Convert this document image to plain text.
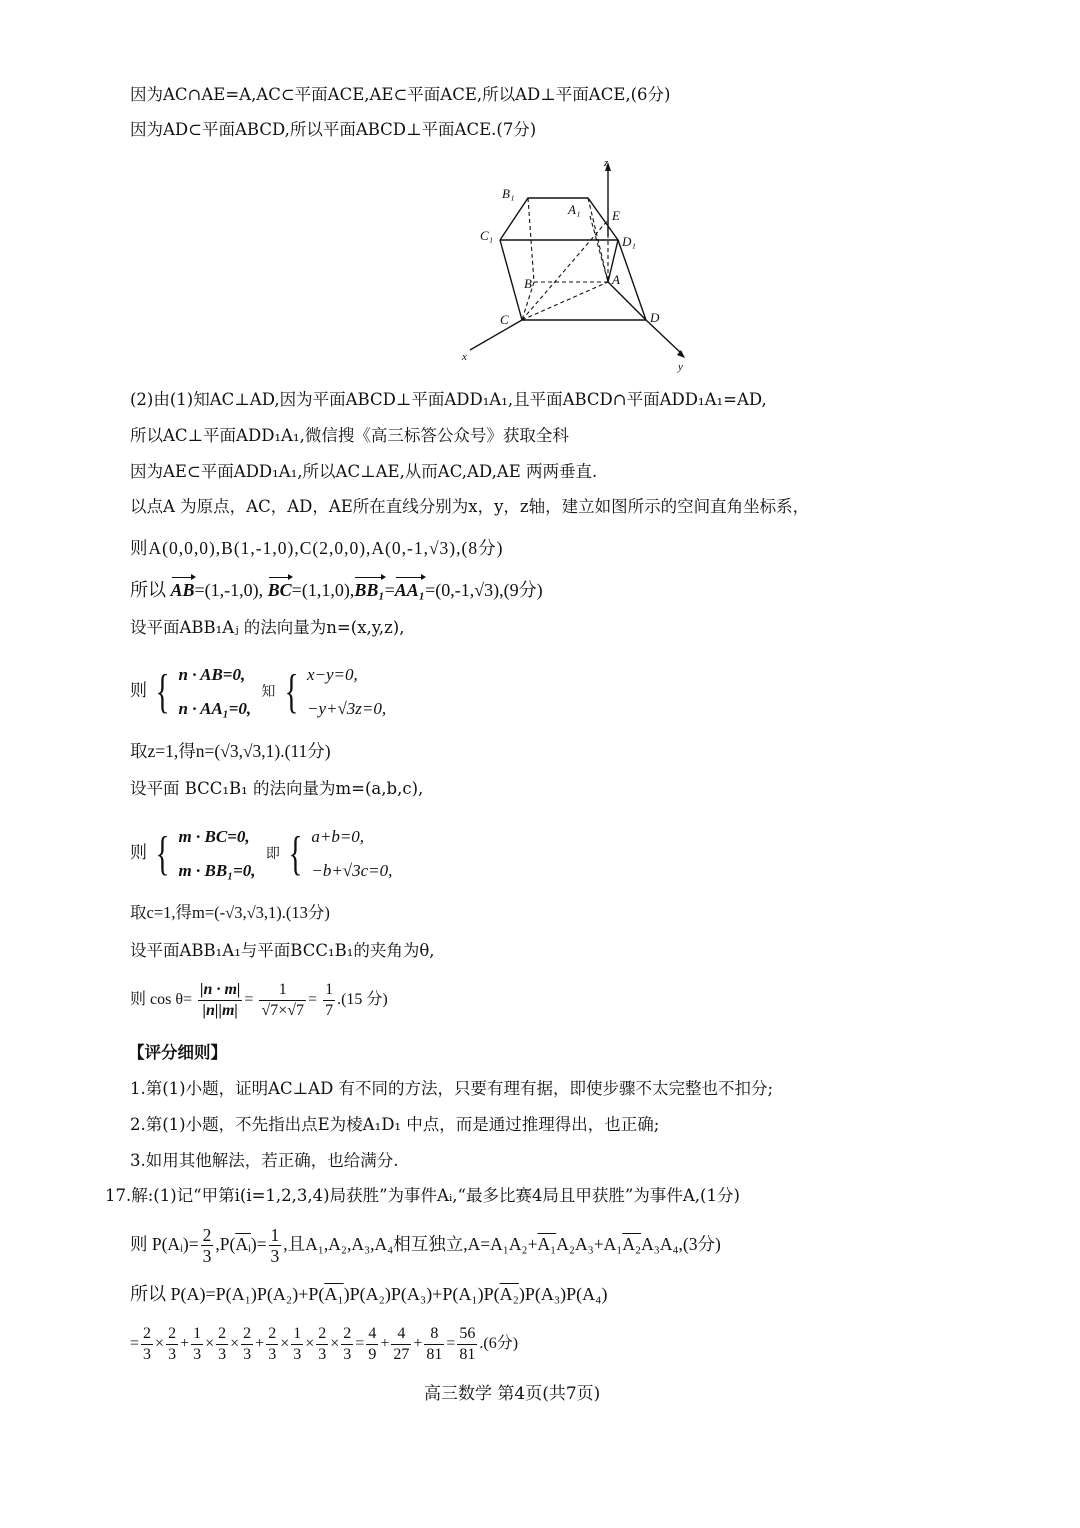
因为AC∩AE=A,AC⊂平面ACE,AE⊂平面ACE,所以AD⊥平面ACE,(6分)
因为AD⊂平面ABCD,所以平面ABCD⊥平面ACE.(7分)
B₁
A₁ E
C₁	D₁
B	A
C	D
x
y
z
(2)由(1)知AC⊥AD,因为平面ABCD⊥平面ADD₁A₁,且平面ABCD∩平面ADD₁A₁=AD,
所以AC⊥平面ADD₁A₁,微信搜《高三标答公众号》获取全科
因为AE⊂平面ADD₁A₁,所以AC⊥AE,从而AC,AD,AE 两两垂直.
以点A 为原点，AC，AD，AE所在直线分别为x，y，z轴，建立如图所示的空间直角坐标系，
则A(0,0,0),B(1,-1,0),C(2,0,0),A(0,-1,√3),(8分)
所以 AB=(1,-1,0), BC=(1,1,0),BB₁=AA₁=(0,-1,√3),(9分)
设平面ABB₁Aⱼ 的法向量为n=(x,y,z),
则 { n · AB=0,
n · AA₁=0,
知 { x−y=0,
−y+√3z=0,
取z=1,得n=(√3,√3,1).(11分)
设平面 BCC₁B₁ 的法向量为m=(a,b,c),
则 { m · BC=0,
m · BB₁=0,
即 { a+b=0,
−b+√3c=0,
取c=1,得m=(-√3,√3,1).(13分)
设平面ABB₁A₁与平面BCC₁B₁的夹角为θ,
则 $\cos \theta= \frac{|n \cdot m|}{|n||m|} = \frac{1}{√7\times√7} = \frac{1}{7} .(15$ 分)
【评分细则】
1.第(1)小题，证明AC⊥AD 有不同的方法，只要有理有据，即使步骤不太完整也不扣分;
2.第(1)小题，不先指出点E为棱A₁D₁ 中点，而是通过推理得出，也正确;
3.如用其他解法，若正确，也给满分.
17.解:(1)记“甲第i(i=1,2,3,4)局获胜”为事件Aᵢ,“最多比赛4局且甲获胜”为事件A,(1分)
则 P(Aᵢ)= $\frac{2}{3} ,P(\overline{Aᵢ})= \frac{1}{3}$ ,且A₁,A₂,A₃,A₄相互独立,A=A₁A₂+A₁A₂A₃+A₁A₂A₃A₄,(3分)
所以 P(A)=P(A₁)P(A₂)+P(A₁)P(A₂)P(A₃)+P(A₁)P(A₂)P(A₃)P(A₄)
= $\frac{2}{3} \times \frac{2}{3} + \frac{1}{3} \times \frac{2}{3} \times \frac{2}{3} + \frac{2}{3} \times \frac{1}{3} \times \frac{2}{3} \times \frac{2}{3} = \frac{4}{9} + \frac{4}{27} + \frac{8}{81} = \frac{56}{81} .(6$分)
高三数学 第4页(共7页)
